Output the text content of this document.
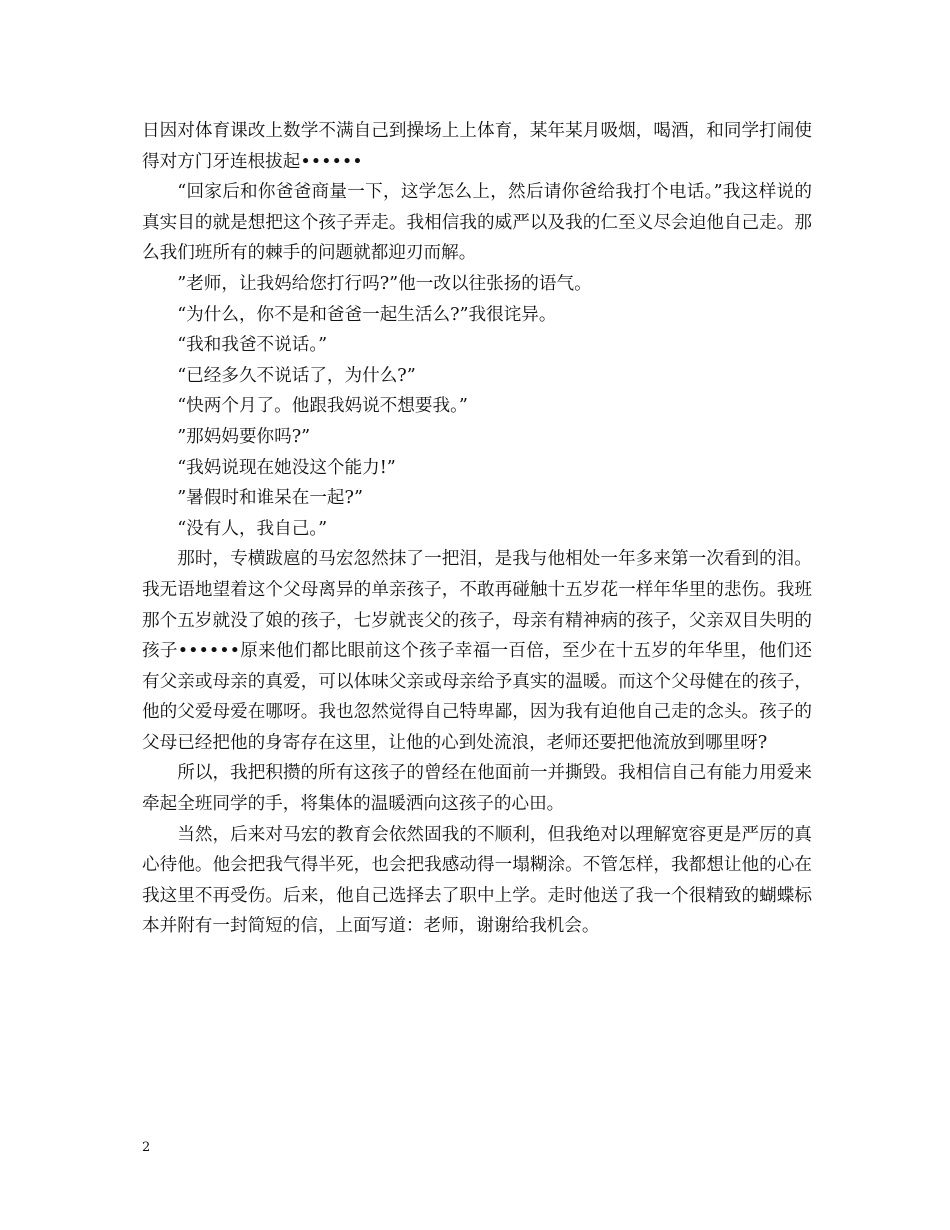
日因对体育课改上数学不满自己到操场上上体育，某年某月吸烟，喝酒，和同学打闹使得对方门牙连根拔起••••••

“回家后和你爸爸商量一下，这学怎么上，然后请你爸给我打个电话。”我这样说的真实目的就是想把这个孩子弄走。我相信我的威严以及我的仁至义尽会迫他自己走。那么我们班所有的棘手的问题就都迎刃而解。

”老师，让我妈给您打行吗?”他一改以往张扬的语气。

“为什么，你不是和爸爸一起生活么?”我很诧异。

“我和我爸不说话。”

“已经多久不说话了，为什么?”

“快两个月了。他跟我妈说不想要我。”

”那妈妈要你吗?”

“我妈说现在她没这个能力!”

”暑假时和谁呆在一起?”

“没有人，我自己。”

那时，专横跋扈的马宏忽然抹了一把泪，是我与他相处一年多来第一次看到的泪。我无语地望着这个父母离异的单亲孩子，不敢再碰触十五岁花一样年华里的悲伤。我班那个五岁就没了娘的孩子，七岁就丧父的孩子，母亲有精神病的孩子，父亲双目失明的孩子••••••原来他们都比眼前这个孩子幸福一百倍，至少在十五岁的年华里，他们还有父亲或母亲的真爱，可以体味父亲或母亲给予真实的温暖。而这个父母健在的孩子，他的父爱母爱在哪呀。我也忽然觉得自己特卑鄙，因为我有迫他自己走的念头。孩子的父母已经把他的身寄存在这里，让他的心到处流浪，老师还要把他流放到哪里呀?

所以，我把积攒的所有这孩子的曾经在他面前一并撕毁。我相信自己有能力用爱来牵起全班同学的手，将集体的温暖洒向这孩子的心田。

当然，后来对马宏的教育会依然固我的不顺利，但我绝对以理解宽容更是严厉的真心待他。他会把我气得半死，也会把我感动得一塌糊涂。不管怎样，我都想让他的心在我这里不再受伤。后来，他自己选择去了职中上学。走时他送了我一个很精致的蝴蝶标本并附有一封简短的信，上面写道：老师，谢谢给我机会。

2
